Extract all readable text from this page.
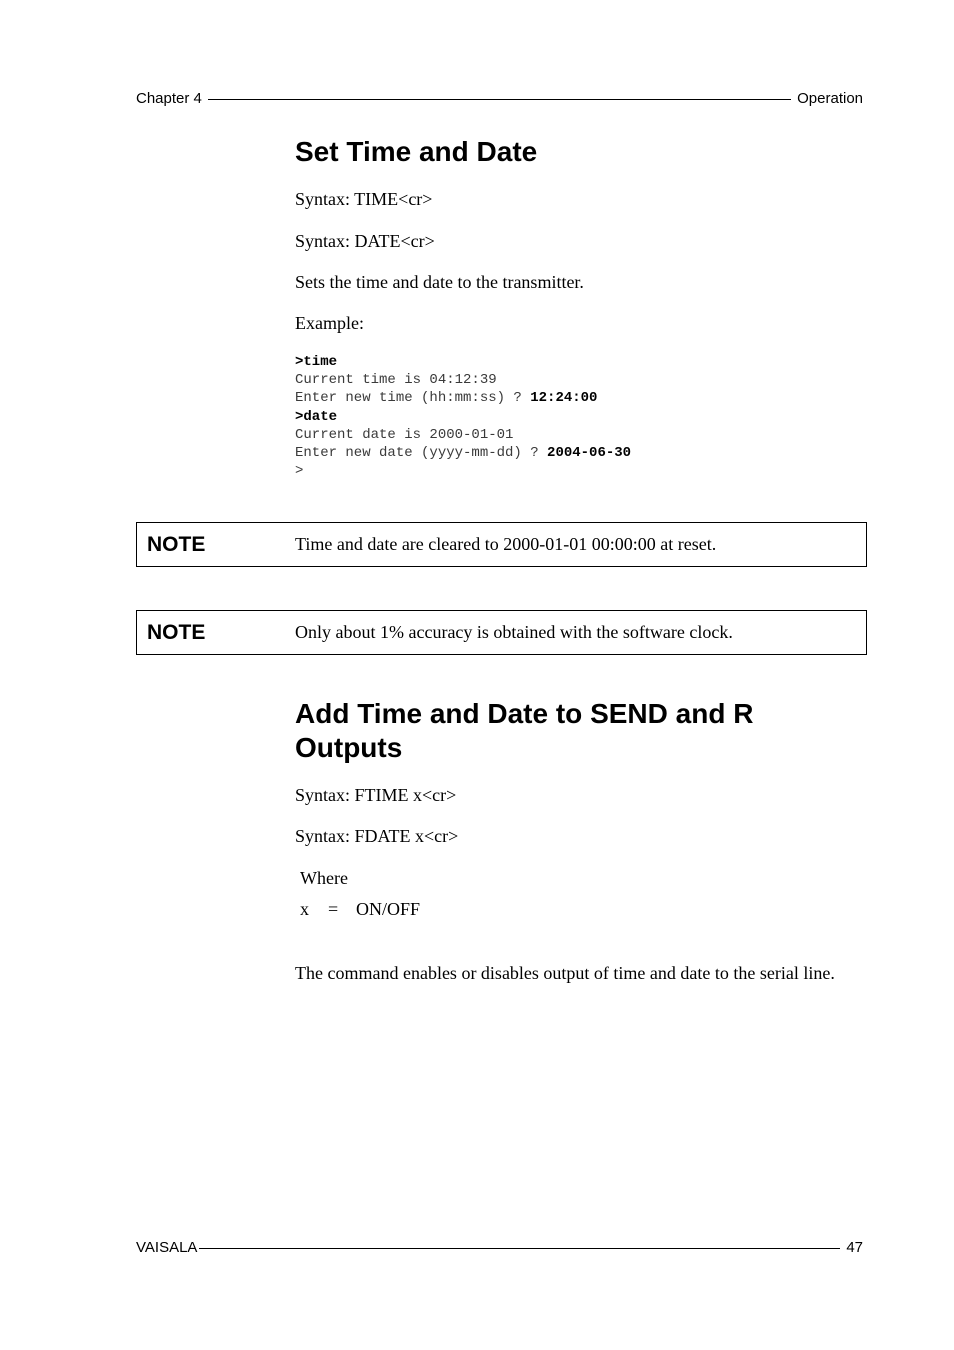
Chapter 4	Operation
Set Time and Date

Syntax: TIME<cr>

Syntax: DATE<cr>

Sets the time and date to the transmitter.

Example:

>time
Current time is 04:12:39
Enter new time (hh:mm:ss) ? 12:24:00
>date
Current date is 2000-01-01
Enter new date (yyyy-mm-dd) ? 2004-06-30
>
NOTE	Time and date are cleared to 2000-01-01 00:00:00 at reset.
NOTE	Only about 1% accuracy is obtained with the software clock.
Add Time and Date to SEND and R
Outputs

Syntax: FTIME x<cr>

Syntax: FDATE x<cr>

Where
x	= ON/OFF

The command enables or disables output of time and date to the serial line.

VAISALA	47
